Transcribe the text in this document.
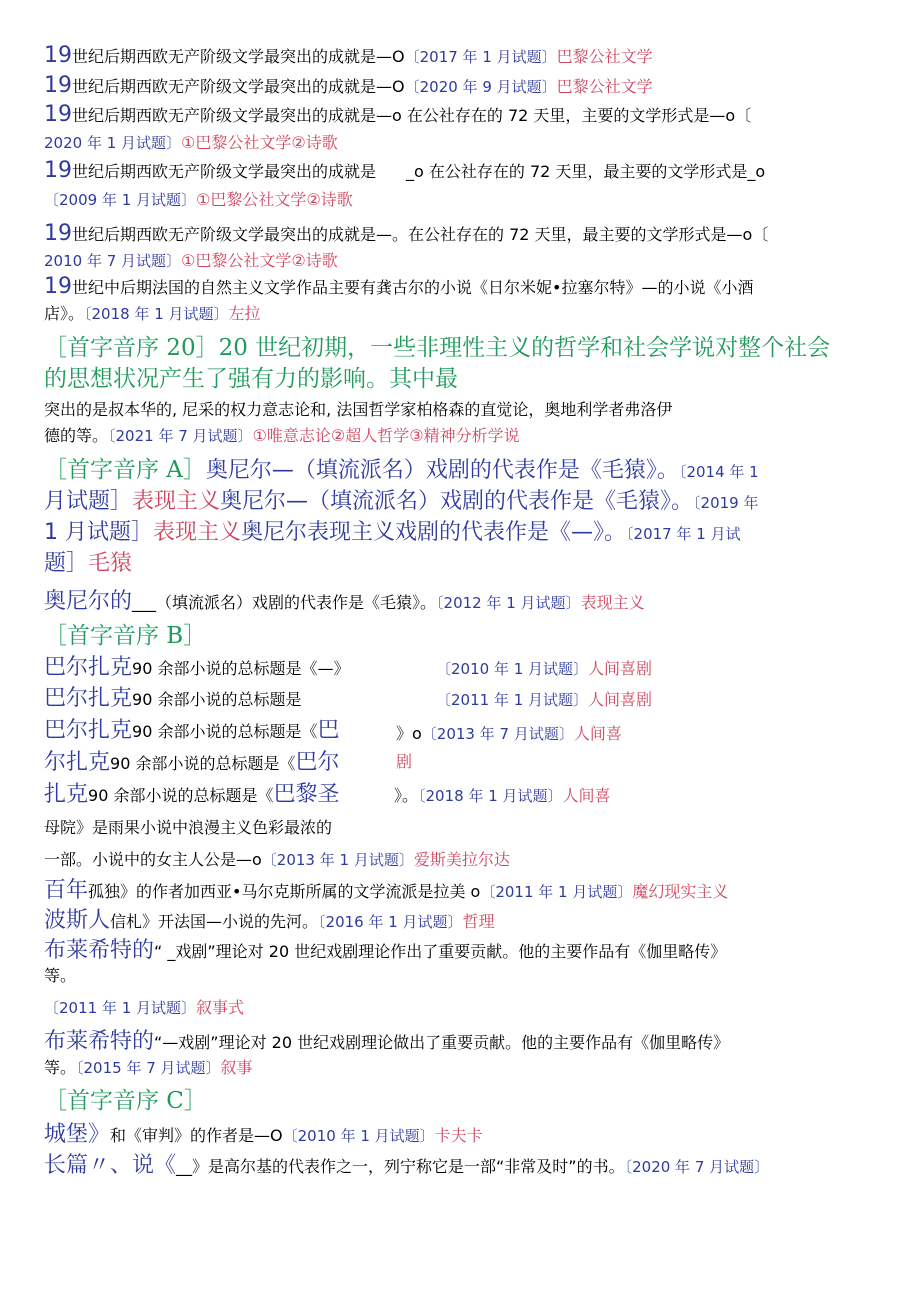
19世纪后期西欧无产阶级文学最突出的成就是—O〔2017 年 1 月试题〕巴黎公社文学
19世纪后期西欧无产阶级文学最突出的成就是—O〔2020 年 9 月试题〕巴黎公社文学
19世纪后期西欧无产阶级文学最突出的成就是—o 在公社存在的 72 天里，主要的文学形式是—o〔
2020 年 1 月试题〕①巴黎公社文学②诗歌
19世纪后期西欧无产阶级文学最突出的成就是 _o 在公社存在的 72 天里，最主要的文学形式是_o
〔2009 年 1 月试题〕①巴黎公社文学②诗歌
19世纪后期西欧无产阶级文学最突出的成就是—。在公社存在的 72 天里，最主要的文学形式是—o〔
2010 年 7 月试题〕①巴黎公社文学②诗歌
19世纪中后期法国的自然主义文学作品主要有龚古尔的小说《日尔米妮•拉塞尔特》—的小说《小酒
店》。〔2018 年 1 月试题〕左拉
［首字音序 20］20 世纪初期，一些非理性主义的哲学和社会学说对整个社会
的思想状况产生了强有力的影响。其中最
突出的是叔本华的, 尼采的权力意志论和, 法国哲学家柏格森的直觉论，奥地利学者弗洛伊
德的等。〔2021 年 7 月试题〕①唯意志论②超人哲学③精神分析学说
［首字音序 A］奥尼尔—（填流派名）戏剧的代表作是《毛猿》。〔2014 年 1
月试题］表现主义奥尼尔—（填流派名）戏剧的代表作是《毛猿》。〔2019 年
1 月试题］表现主义奥尼尔表现主义戏剧的代表作是《—》。〔2017 年 1 月试
题］毛猿
奥尼尔的___（填流派名）戏剧的代表作是《毛猿》。〔2012 年 1 月试题〕表现主义
［首字音序 B］
巴尔扎克90 余部小说的总标题是《—》	〔2010 年 1 月试题〕人间喜剧
巴尔扎克90 余部小说的总标题是	〔2011 年 1 月试题〕人间喜剧
巴尔扎克90 余部小说的总标题是《巴	》o〔2013 年 7 月试题〕人间喜
尔扎克90 余部小说的总标题是《巴尔	剧
扎克90 余部小说的总标题是《巴黎圣	》。〔2018 年 1 月试题〕人间喜
母院》是雨果小说中浪漫主义色彩最浓的
一部。小说中的女主人公是—o〔2013 年 1 月试题〕爱斯美拉尔达
百年孤独》的作者加西亚•马尔克斯所属的文学流派是拉美 o〔2011 年 1 月试题〕魔幻现实主义
波斯人信札》开法国—小说的先河。〔2016 年 1 月试题〕哲理
布莱希特的“ _戏剧”理论对 20 世纪戏剧理论作出了重要贡献。他的主要作品有《伽里略传》
等。
〔2011 年 1 月试题〕叙事式
布莱希特的“—戏剧”理论对 20 世纪戏剧理论做出了重要贡献。他的主要作品有《伽里略传》
等。〔2015 年 7 月试题〕叙事
［首字音序 C］
城堡》和《审判》的作者是—O〔2010 年 1 月试题〕卡夫卡
长篇〃、说《__》是高尔基的代表作之一，列宁称它是一部“非常及时”的书。〔2020 年 7 月试题〕
